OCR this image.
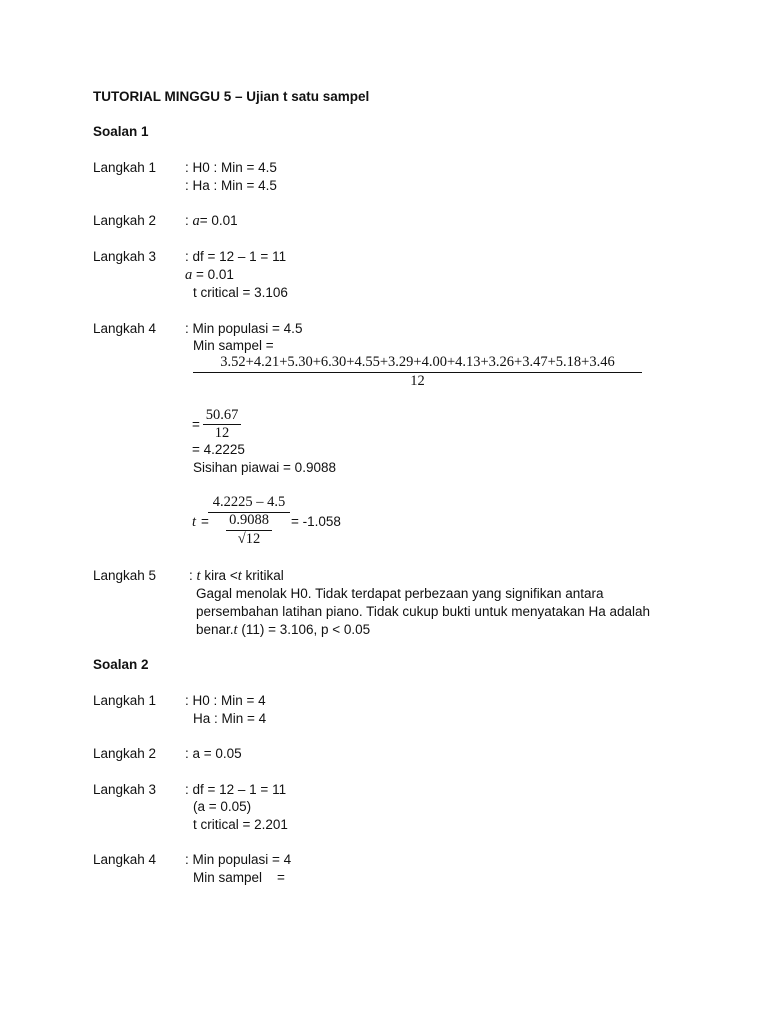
TUTORIAL MINGGU 5 – Ujian t satu sampel
Soalan 1
Langkah 1 : H0 : Min = 4.5
: Ha : Min = 4.5
Langkah 2 : a= 0.01
Langkah 3 : df = 12 – 1 = 11
a = 0.01
t critical = 3.106
Langkah 4 : Min populasi = 4.5
Min sampel =
3.52+4.21+5.30+6.30+4.55+3.29+4.00+4.13+3.26+3.47+5.18+3.46
12
=
50.67
12
= 4.2225
Sisihan piawai = 0.9088
t =
4.2225 – 4.5
0.9088
√12
= -1.058
Langkah 5 : t kira <t kritikal
Gagal menolak H0. Tidak terdapat perbezaan yang signifikan antara
persembahan latihan piano. Tidak cukup bukti untuk menyatakan Ha adalah
benar.t (11) = 3.106, p < 0.05
Soalan 2
Langkah 1 : H0 : Min = 4
Ha : Min = 4
Langkah 2 : a = 0.05
Langkah 3 : df = 12 – 1 = 11
(a = 0.05)
t critical = 2.201
Langkah 4 : Min populasi = 4
Min sampel    =
